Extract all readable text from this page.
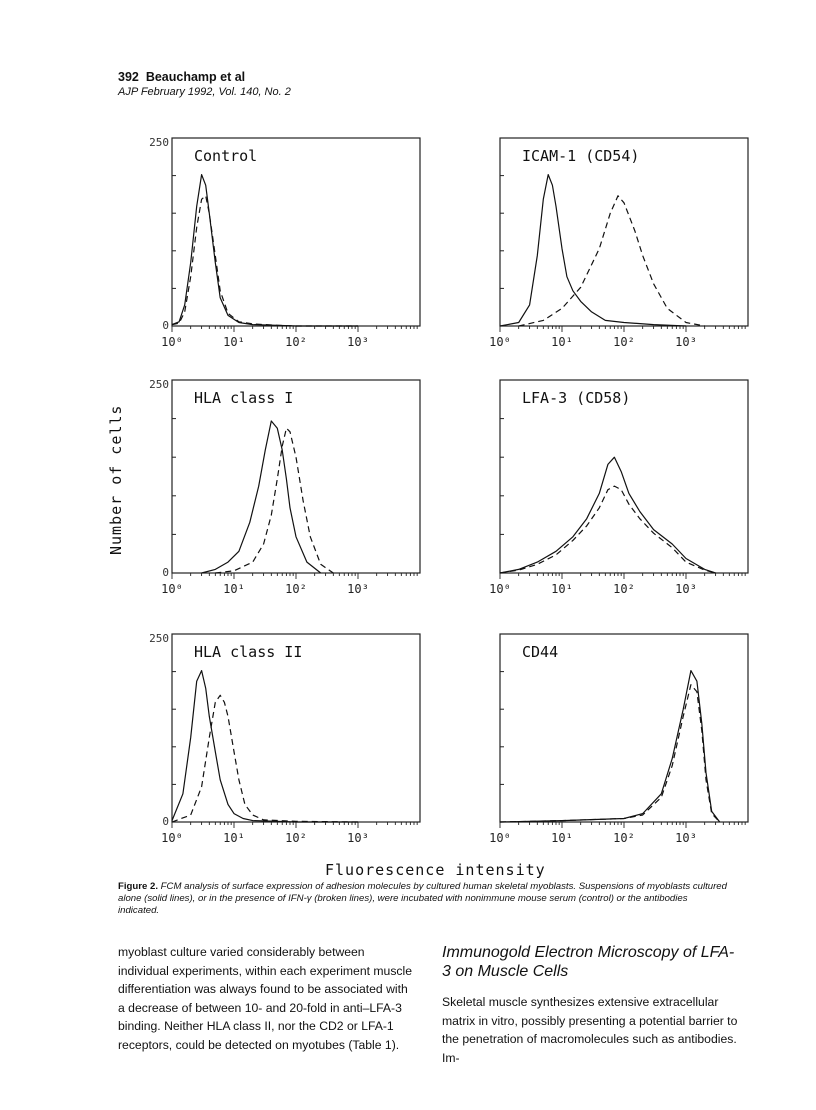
392 Beauchamp et al
AJP February 1992, Vol. 140, No. 2
10⁰	10¹	10²	10³
250
0
Control
10⁰	10¹	10²	10³
ICAM-1 (CD54)
10⁰	10¹	10²	10³
250
0
HLA class I
10⁰	10¹	10²	10³
LFA-3 (CD58)
10⁰	10¹	10²	10³
250
0
HLA class II
10⁰	10¹	10²	10³
CD44
Number of cells
Fluorescence intensity
Figure 2. FCM analysis of surface expression of adhesion molecules by cultured human skeletal myoblasts. Suspensions of myoblasts cultured alone (solid lines), or in the presence of IFN-γ (broken lines), were incubated with nonimmune mouse serum (control) or the antibodies indicated.
myoblast culture varied considerably between individual experiments, within each experiment muscle differentiation was always found to be associated with a decrease of between 10- and 20-fold in anti–LFA-3 binding. Neither HLA class II, nor the CD2 or LFA-1 receptors, could be detected on myotubes (Table 1).
Immunogold Electron Microscopy of LFA-3 on Muscle Cells
Skeletal muscle synthesizes extensive extracellular matrix in vitro, possibly presenting a potential barrier to the penetration of macromolecules such as antibodies. Im-
